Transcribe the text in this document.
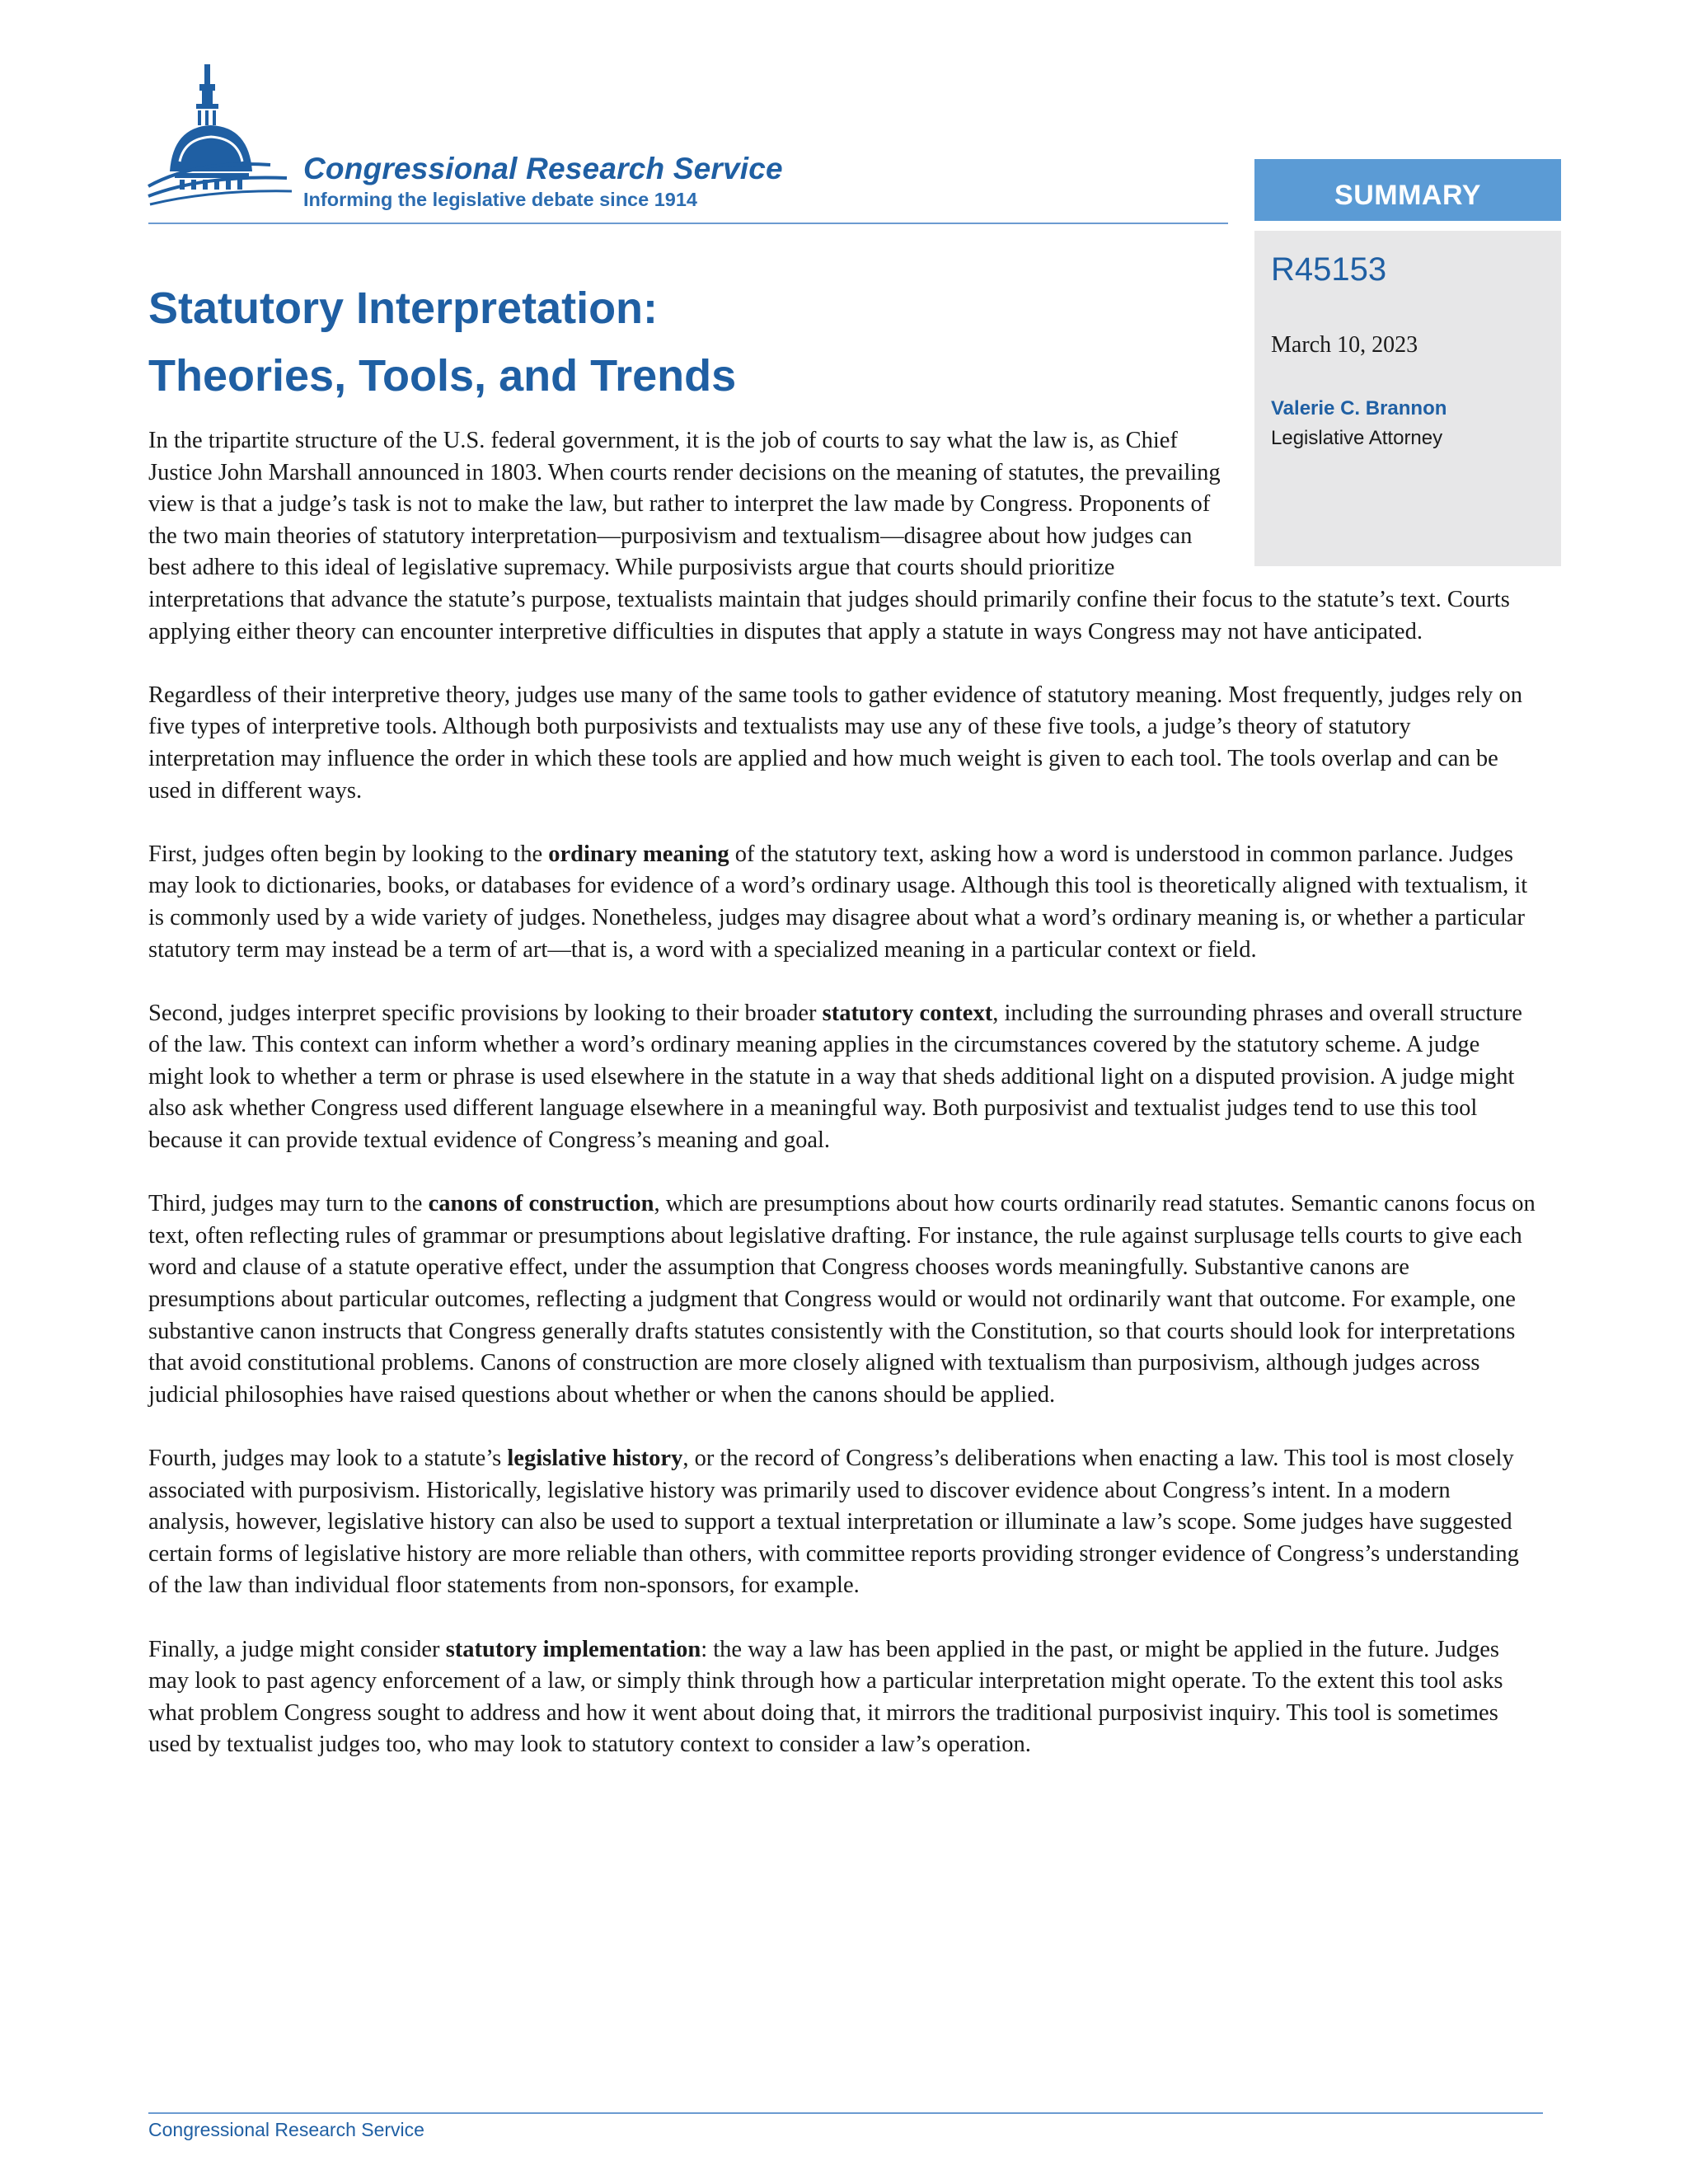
Congressional Research Service
Informing the legislative debate since 1914	SUMMARY
R45153
March 10, 2023
Valerie C. Brannon
Legislative Attorney
Statutory Interpretation:
Theories, Tools, and Trends

In the tripartite structure of the U.S. federal government, it is the job of courts to say what the law is, as Chief Justice John Marshall announced in 1803. When courts render decisions on the meaning of statutes, the prevailing view is that a judge’s task is not to make the law, but rather to interpret the law made by Congress. Proponents of the two main theories of statutory interpretation—purposivism and textualism—disagree about how judges can best adhere to this ideal of legislative supremacy. While purposivists argue that courts should prioritize interpretations that advance the statute’s purpose, textualists maintain that judges should primarily confine their focus to the statute’s text. Courts applying either theory can encounter interpretive difficulties in disputes that apply a statute in ways Congress may not have anticipated.

Regardless of their interpretive theory, judges use many of the same tools to gather evidence of statutory meaning. Most frequently, judges rely on five types of interpretive tools. Although both purposivists and textualists may use any of these five tools, a judge’s theory of statutory interpretation may influence the order in which these tools are applied and how much weight is given to each tool. The tools overlap and can be used in different ways.

First, judges often begin by looking to the ordinary meaning of the statutory text, asking how a word is understood in common parlance. Judges may look to dictionaries, books, or databases for evidence of a word’s ordinary usage. Although this tool is theoretically aligned with textualism, it is commonly used by a wide variety of judges. Nonetheless, judges may disagree about what a word’s ordinary meaning is, or whether a particular statutory term may instead be a term of art—that is, a word with a specialized meaning in a particular context or field.

Second, judges interpret specific provisions by looking to their broader statutory context, including the surrounding phrases and overall structure of the law. This context can inform whether a word’s ordinary meaning applies in the circumstances covered by the statutory scheme. A judge might look to whether a term or phrase is used elsewhere in the statute in a way that sheds additional light on a disputed provision. A judge might also ask whether Congress used different language elsewhere in a meaningful way. Both purposivist and textualist judges tend to use this tool because it can provide textual evidence of Congress’s meaning and goal.

Third, judges may turn to the canons of construction, which are presumptions about how courts ordinarily read statutes. Semantic canons focus on text, often reflecting rules of grammar or presumptions about legislative drafting. For instance, the rule against surplusage tells courts to give each word and clause of a statute operative effect, under the assumption that Congress chooses words meaningfully. Substantive canons are presumptions about particular outcomes, reflecting a judgment that Congress would or would not ordinarily want that outcome. For example, one substantive canon instructs that Congress generally drafts statutes consistently with the Constitution, so that courts should look for interpretations that avoid constitutional problems. Canons of construction are more closely aligned with textualism than purposivism, although judges across judicial philosophies have raised questions about whether or when the canons should be applied.

Fourth, judges may look to a statute’s legislative history, or the record of Congress’s deliberations when enacting a law. This tool is most closely associated with purposivism. Historically, legislative history was primarily used to discover evidence about Congress’s intent. In a modern analysis, however, legislative history can also be used to support a textual interpretation or illuminate a law’s scope. Some judges have suggested certain forms of legislative history are more reliable than others, with committee reports providing stronger evidence of Congress’s understanding of the law than individual floor statements from non-sponsors, for example.

Finally, a judge might consider statutory implementation: the way a law has been applied in the past, or might be applied in the future. Judges may look to past agency enforcement of a law, or simply think through how a particular interpretation might operate. To the extent this tool asks what problem Congress sought to address and how it went about doing that, it mirrors the traditional purposivist inquiry. This tool is sometimes used by textualist judges too, who may look to statutory context to consider a law’s operation.

Congressional Research Service
